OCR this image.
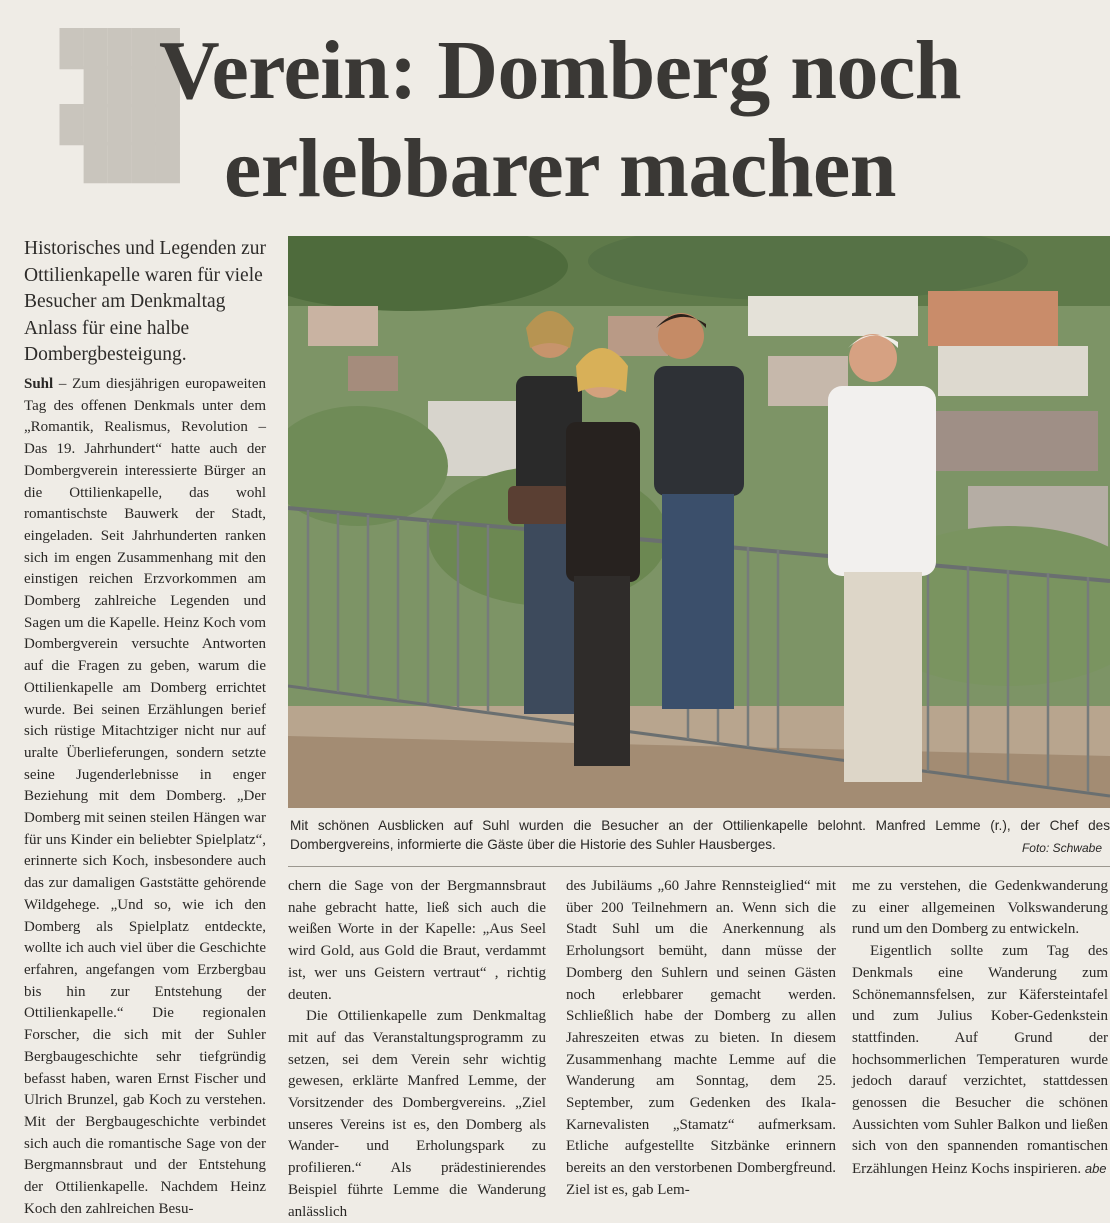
█████
████
█████
████
Verein: Domberg noch
erlebbarer machen

Historisches und Legenden zur Ottilienkapelle waren für viele Besucher am Denkmaltag Anlass für eine halbe Dombergbesteigung.

Mit schönen Ausblicken auf Suhl wurden die Besucher an der Ottilienkapelle belohnt. Manfred Lemme (r.), der Chef des Dombergvereins, informierte die Gäste über die Historie des Suhler Hausberges.	Foto: Schwabe

Suhl – Zum diesjährigen europaweiten Tag des offenen Denkmals unter dem „Romantik, Realismus, Revolution – Das 19. Jahrhundert“ hatte auch der Dombergverein interessierte Bürger an die Ottilienkapelle, das wohl romantischste Bauwerk der Stadt, eingeladen. Seit Jahrhunderten ranken sich im engen Zusammenhang mit den einstigen reichen Erzvorkommen am Domberg zahlreiche Legenden und Sagen um die Kapelle. Heinz Koch vom Dombergverein versuchte Antworten auf die Fragen zu geben, warum die Ottilienkapelle am Domberg errichtet wurde. Bei seinen Erzählungen berief sich rüstige Mitachtziger nicht nur auf uralte Überlieferungen, sondern setzte seine Jugenderlebnisse in enger Beziehung mit dem Domberg. „Der Domberg mit seinen steilen Hängen war für uns Kinder ein beliebter Spielplatz“, erinnerte sich Koch, insbesondere auch das zur damaligen Gaststätte gehörende Wildgehege. „Und so, wie ich den Domberg als Spielplatz entdeckte, wollte ich auch viel über die Geschichte erfahren, angefangen vom Erzbergbau bis hin zur Entstehung der Ottilienkapelle.“ Die regionalen Forscher, die sich mit der Suhler Bergbaugeschichte sehr tiefgründig befasst haben, waren Ernst Fischer und Ulrich Brunzel, gab Koch zu verstehen. Mit der Bergbaugeschichte verbindet sich auch die romantische Sage von der Bergmannsbraut und der Entstehung der Ottilienkapelle. Nachdem Heinz Koch den zahlreichen Besu-

chern die Sage von der Bergmannsbraut nahe gebracht hatte, ließ sich auch die weißen Worte in der Kapelle: „Aus Seel wird Gold, aus Gold die Braut, verdammt ist, wer uns Geistern vertraut“ , richtig deuten.

Die Ottilienkapelle zum Denkmaltag mit auf das Veranstaltungsprogramm zu setzen, sei dem Verein sehr wichtig gewesen, erklärte Manfred Lemme, der Vorsitzender des Dombergvereins. „Ziel unseres Vereins ist es, den Domberg als Wander- und Erholungspark zu profilieren.“ Als prädestinierendes Beispiel führte Lemme die Wanderung anlässlich

des Jubiläums „60 Jahre Rennsteiglied“ mit über 200 Teilnehmern an. Wenn sich die Stadt Suhl um die Anerkennung als Erholungsort bemüht, dann müsse der Domberg den Suhlern und seinen Gästen noch erlebbarer gemacht werden. Schließlich habe der Domberg zu allen Jahreszeiten etwas zu bieten. In diesem Zusammenhang machte Lemme auf die Wanderung am Sonntag, dem 25. September, zum Gedenken des Ikala-Karnevalisten „Stamatz“ aufmerksam. Etliche aufgestellte Sitzbänke erinnern bereits an den verstorbenen Dombergfreund. Ziel ist es, gab Lem-

me zu verstehen, die Gedenkwanderung zu einer allgemeinen Volkswanderung rund um den Domberg zu entwickeln.

Eigentlich sollte zum Tag des Denkmals eine Wanderung zum Schönemannsfelsen, zur Käfersteintafel und zum Julius Kober-Gedenkstein stattfinden. Auf Grund der hochsommerlichen Temperaturen wurde jedoch darauf verzichtet, stattdessen genossen die Besucher die schönen Aussichten vom Suhler Balkon und ließen sich von den spannenden romantischen Erzählungen Heinz Kochs inspirieren. abe
